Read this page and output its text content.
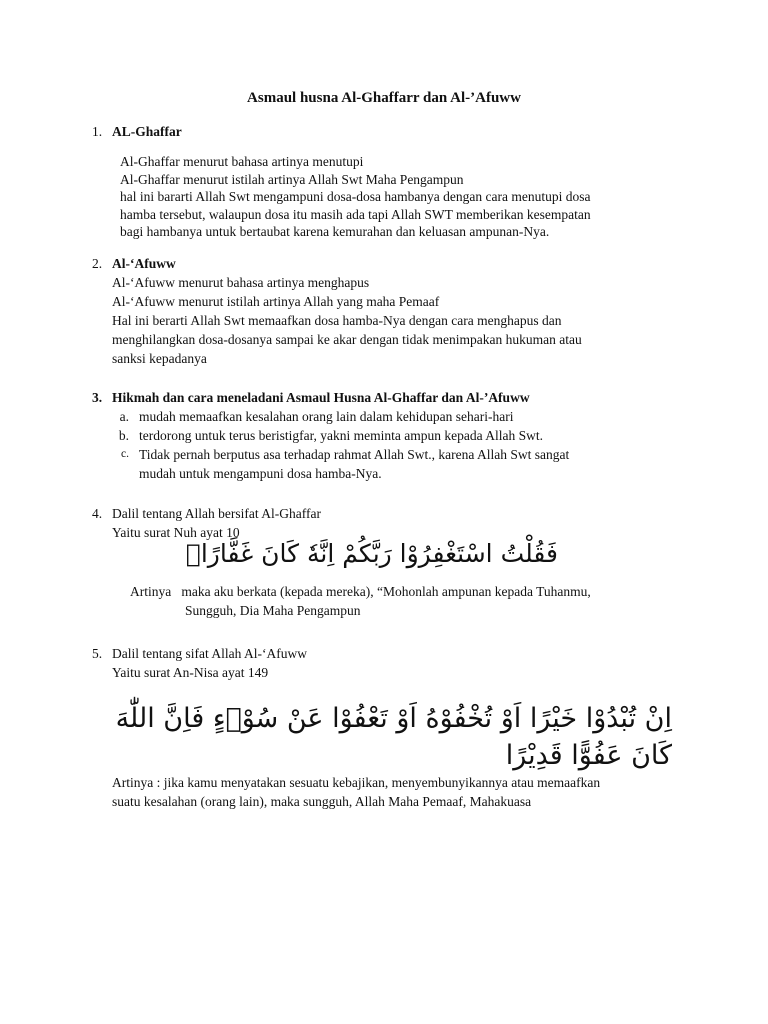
Asmaul husna Al-Ghaffarr dan Al-’Afuww
1. AL-Ghaffar

Al-Ghaffar menurut bahasa artinya menutupi

Al-Ghaffar menurut istilah artinya Allah Swt Maha Pengampun

hal ini bararti Allah Swt mengampuni dosa-dosa hambanya dengan cara menutupi dosa

hamba tersebut, walaupun dosa itu masih ada tapi Allah SWT memberikan kesempatan

bagi hambanya untuk bertaubat karena kemurahan dan keluasan ampunan-Nya.

2. Al-‘Afuww

Al-‘Afuww menurut bahasa artinya menghapus

Al-‘Afuww menurut istilah artinya Allah yang maha Pemaaf

Hal ini berarti Allah Swt memaafkan dosa hamba-Nya dengan cara menghapus dan

menghilangkan dosa-dosanya sampai ke akar dengan tidak menimpakan hukuman atau

sanksi kepadanya

3. Hikmah dan cara meneladani Asmaul Husna Al-Ghaffar dan Al-’Afuww
a. mudah memaafkan kesalahan orang lain dalam kehidupan sehari-hari
b. terdorong untuk terus beristigfar, yakni meminta ampun kepada Allah Swt.
c. Tidak pernah berputus asa terhadap rahmat Allah Swt., karena Allah Swt sangat
mudah untuk mengampuni dosa hamba-Nya.
4. Dalil tentang Allah bersifat Al-Ghaffar
Yaitu surat Nuh ayat 10
فَقُلْتُ اسْتَغْفِرُوْا رَبَّكُمْ اِنَّهٗ كَانَ غَفَّارًاۙ
Artinya maka aku berkata (kepada mereka), “Mohonlah ampunan kepada Tuhanmu,
Sungguh, Dia Maha Pengampun
5. Dalil tentang sifat Allah Al-‘Afuww
Yaitu surat An-Nisa ayat 149
اِنْ تُبْدُوْا خَيْرًا اَوْ تُخْفُوْهُ اَوْ تَعْفُوْا عَنْ سُوْۤءٍ فَاِنَّ اللّٰهَ
كَانَ عَفُوًّا قَدِيْرًا
Artinya : jika kamu menyatakan sesuatu kebajikan, menyembunyikannya atau memaafkan
suatu kesalahan (orang lain), maka sungguh, Allah Maha Pemaaf, Mahakuasa
